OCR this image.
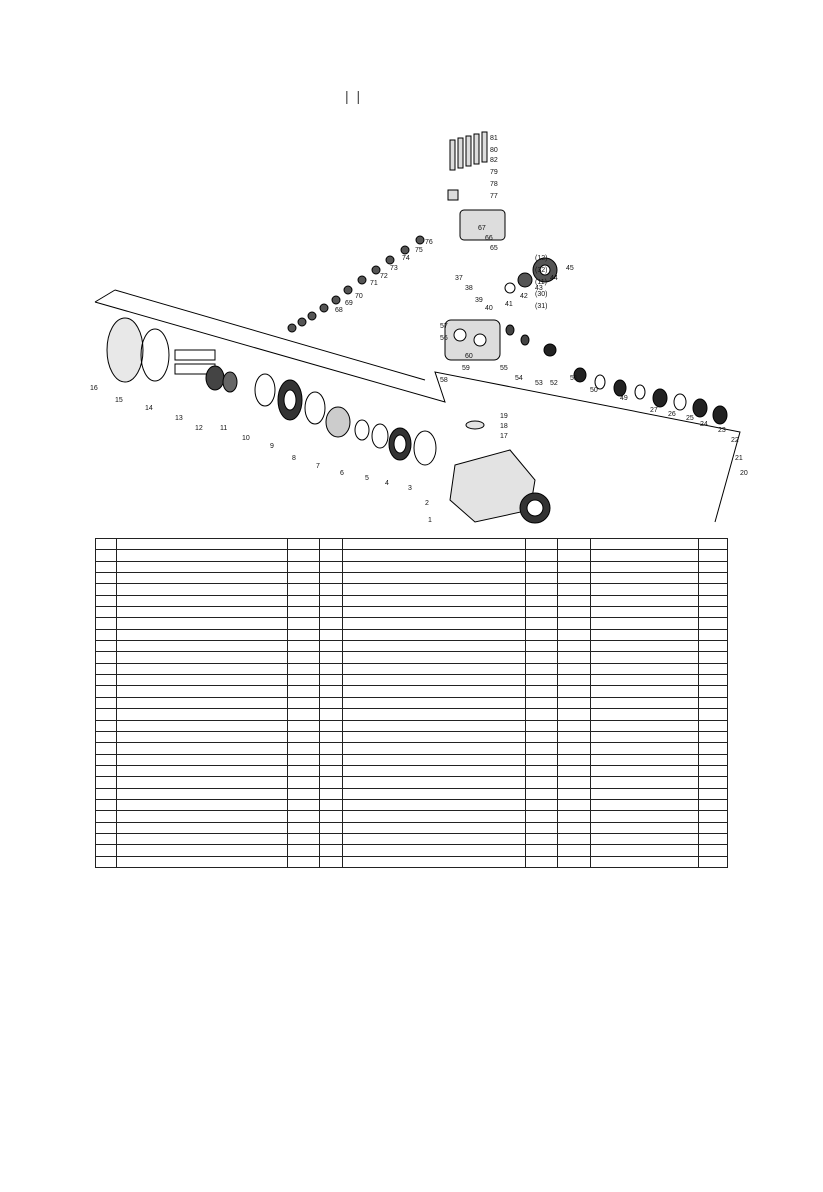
| |
81
80
82
79
78
77
67
66
65
68
69
70
71
72
73
74
75
76
60
59
58
57
56
55
54
53 52
51
50
49
45
44
43
42
41
40
39
38
37
27
26
25
24
23
22
21
20
19
18
17
16
15
14
13
12 11
10
9
8
7
6
5
4
3
2
1
(12)
(32)
(11)
(30)
(31)
